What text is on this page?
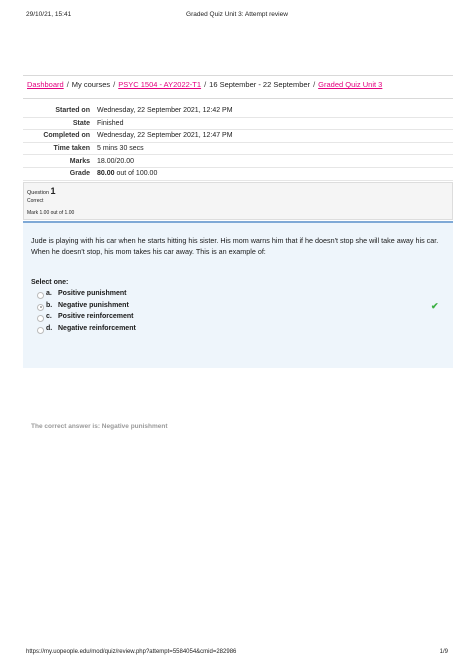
29/10/21, 15:41	Graded Quiz Unit 3: Attempt review
Dashboard / My courses / PSYC 1504 - AY2022-T1 / 16 September - 22 September / Graded Quiz Unit 3
Started on	Wednesday, 22 September 2021, 12:42 PM
State	Finished
Completed on	Wednesday, 22 September 2021, 12:47 PM
Time taken	5 mins 30 secs
Marks	18.00/20.00
Grade	80.00 out of 100.00
Question 1
Correct
Mark 1.00 out of 1.00
Jude is playing with his car when he starts hitting his sister. His mom warns him that if he doesn't stop she will take away his car. When he doesn't stop, his mom takes his car away. This is an example of:
Select one:
a. Positive punishment
b. Negative punishment	✔
c. Positive reinforcement
d. Negative reinforcement
The correct answer is: Negative punishment
https://my.uopeople.edu/mod/quiz/review.php?attempt=5584054&cmid=282986	1/9
